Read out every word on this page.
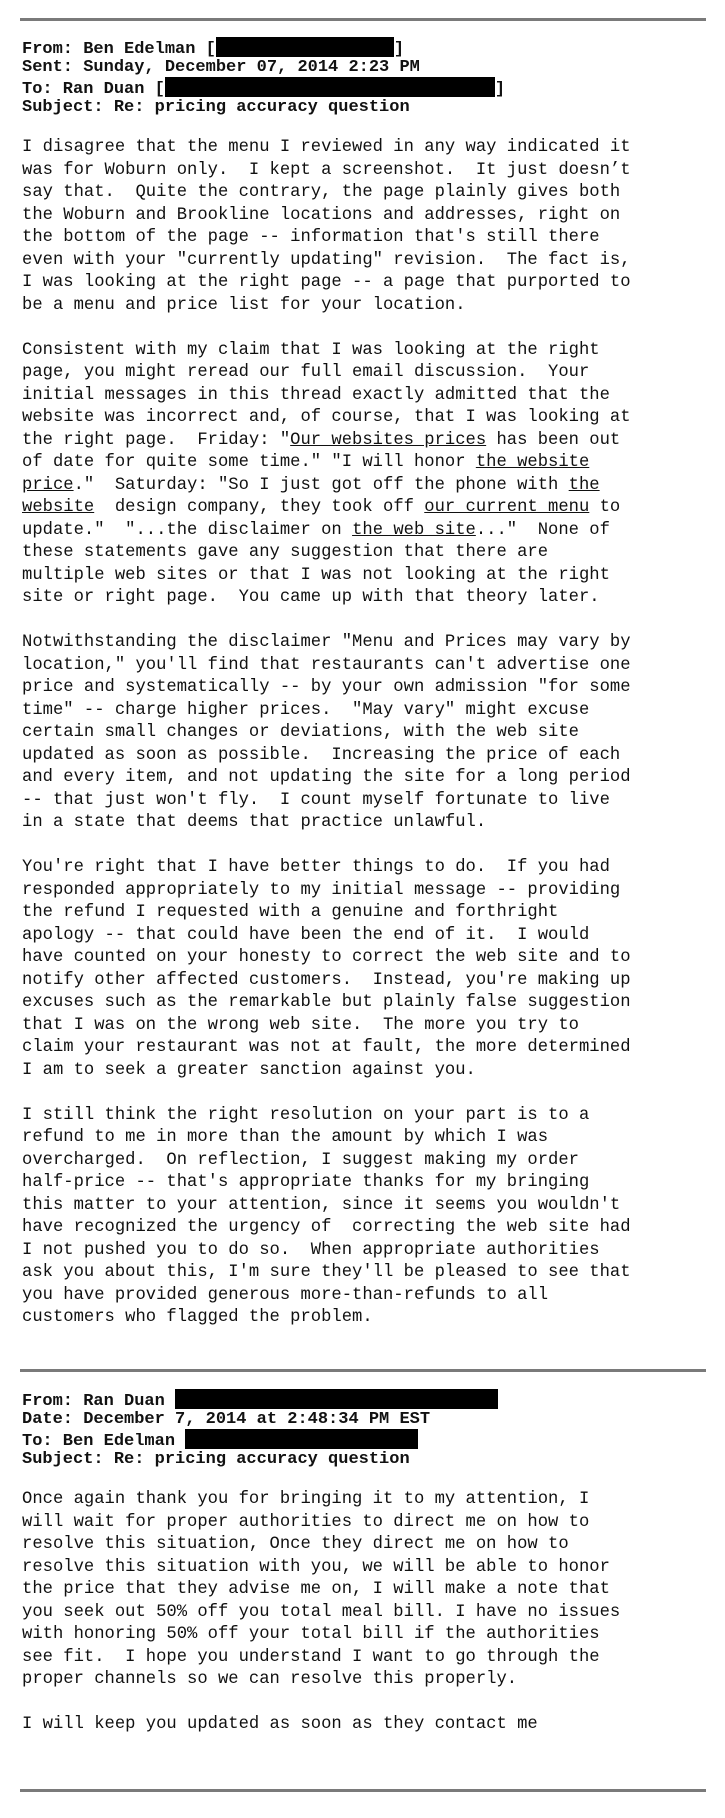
From: Ben Edelman [	]
Sent: Sunday, December 07, 2014 2:23 PM
To: Ran Duan [	]
Subject: Re: pricing accuracy question
I disagree that the menu I reviewed in any way indicated it
was for Woburn only.  I kept a screenshot.  It just doesn’t
say that.  Quite the contrary, the page plainly gives both
the Woburn and Brookline locations and addresses, right on
the bottom of the page -- information that's still there
even with your "currently updating" revision.  The fact is,
I was looking at the right page -- a page that purported to
be a menu and price list for your location.
Consistent with my claim that I was looking at the right
page, you might reread our full email discussion.  Your
initial messages in this thread exactly admitted that the
website was incorrect and, of course, that I was looking at
the right page.  Friday: "Our websites prices has been out
of date for quite some time." "I will honor the website
price."  Saturday: "So I just got off the phone with the
website  design company, they took off our current menu to
update."  "...the disclaimer on the web site..."  None of
these statements gave any suggestion that there are
multiple web sites or that I was not looking at the right
site or right page.  You came up with that theory later.
Notwithstanding the disclaimer "Menu and Prices may vary by
location," you'll find that restaurants can't advertise one
price and systematically -- by your own admission "for some
time" -- charge higher prices.  "May vary" might excuse
certain small changes or deviations, with the web site
updated as soon as possible.  Increasing the price of each
and every item, and not updating the site for a long period
-- that just won't fly.  I count myself fortunate to live
in a state that deems that practice unlawful.
You're right that I have better things to do.  If you had
responded appropriately to my initial message -- providing
the refund I requested with a genuine and forthright
apology -- that could have been the end of it.  I would
have counted on your honesty to correct the web site and to
notify other affected customers.  Instead, you're making up
excuses such as the remarkable but plainly false suggestion
that I was on the wrong web site.  The more you try to
claim your restaurant was not at fault, the more determined
I am to seek a greater sanction against you.
I still think the right resolution on your part is to a
refund to me in more than the amount by which I was
overcharged.  On reflection, I suggest making my order
half-price -- that's appropriate thanks for my bringing
this matter to your attention, since it seems you wouldn't
have recognized the urgency of  correcting the web site had
I not pushed you to do so.  When appropriate authorities
ask you about this, I'm sure they'll be pleased to see that
you have provided generous more-than-refunds to all
customers who flagged the problem.
From: Ran Duan
Date: December 7, 2014 at 2:48:34 PM EST
To: Ben Edelman
Subject: Re: pricing accuracy question
Once again thank you for bringing it to my attention, I
will wait for proper authorities to direct me on how to
resolve this situation, Once they direct me on how to
resolve this situation with you, we will be able to honor
the price that they advise me on, I will make a note that
you seek out 50% off you total meal bill. I have no issues
with honoring 50% off your total bill if the authorities
see fit.  I hope you understand I want to go through the
proper channels so we can resolve this properly.
I will keep you updated as soon as they contact me
